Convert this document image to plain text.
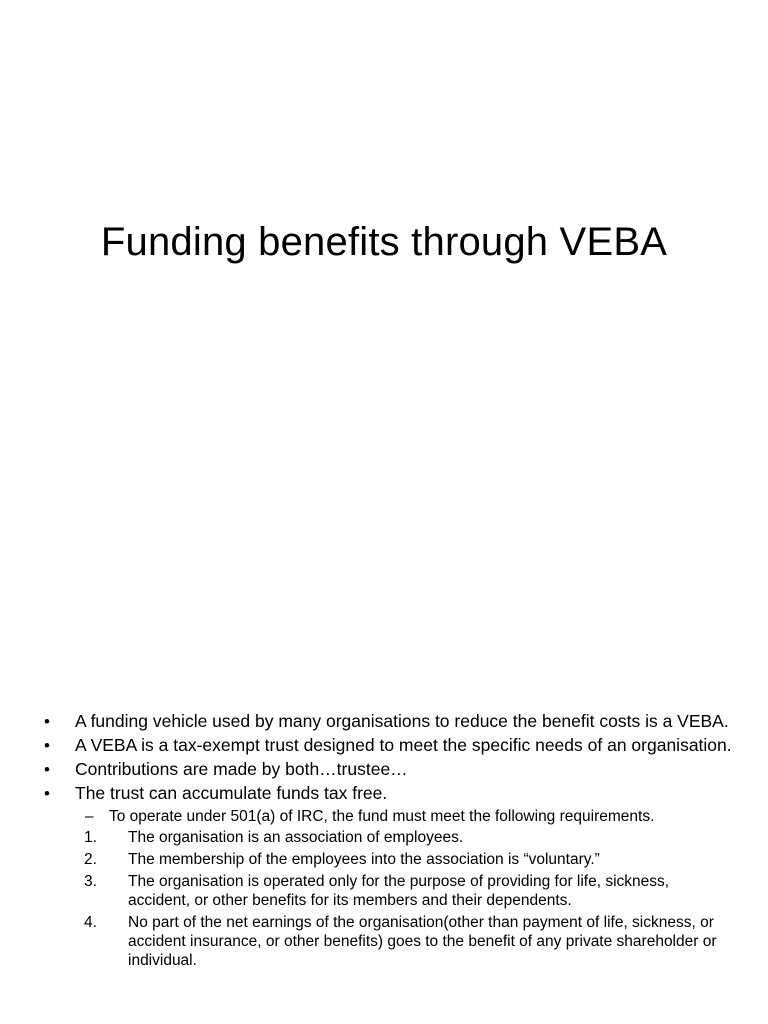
Funding benefits through VEBA
• A funding vehicle used by many organisations to reduce the benefit costs is a VEBA.
• A VEBA is a tax-exempt trust designed to meet the specific needs of an organisation.
• Contributions are made by both…trustee…
• The trust can accumulate funds tax free.
– To operate under 501(a) of IRC, the fund must meet the following requirements.
1. The organisation is an association of employees.
2. The membership of the employees into the association is “voluntary.”
3. The organisation is operated only for the purpose of providing for life, sickness, accident, or other benefits for its members and their dependents.
4. No part of the net earnings of the organisation(other than payment of life, sickness, or accident insurance, or other benefits) goes to the benefit of any private shareholder or individual.
